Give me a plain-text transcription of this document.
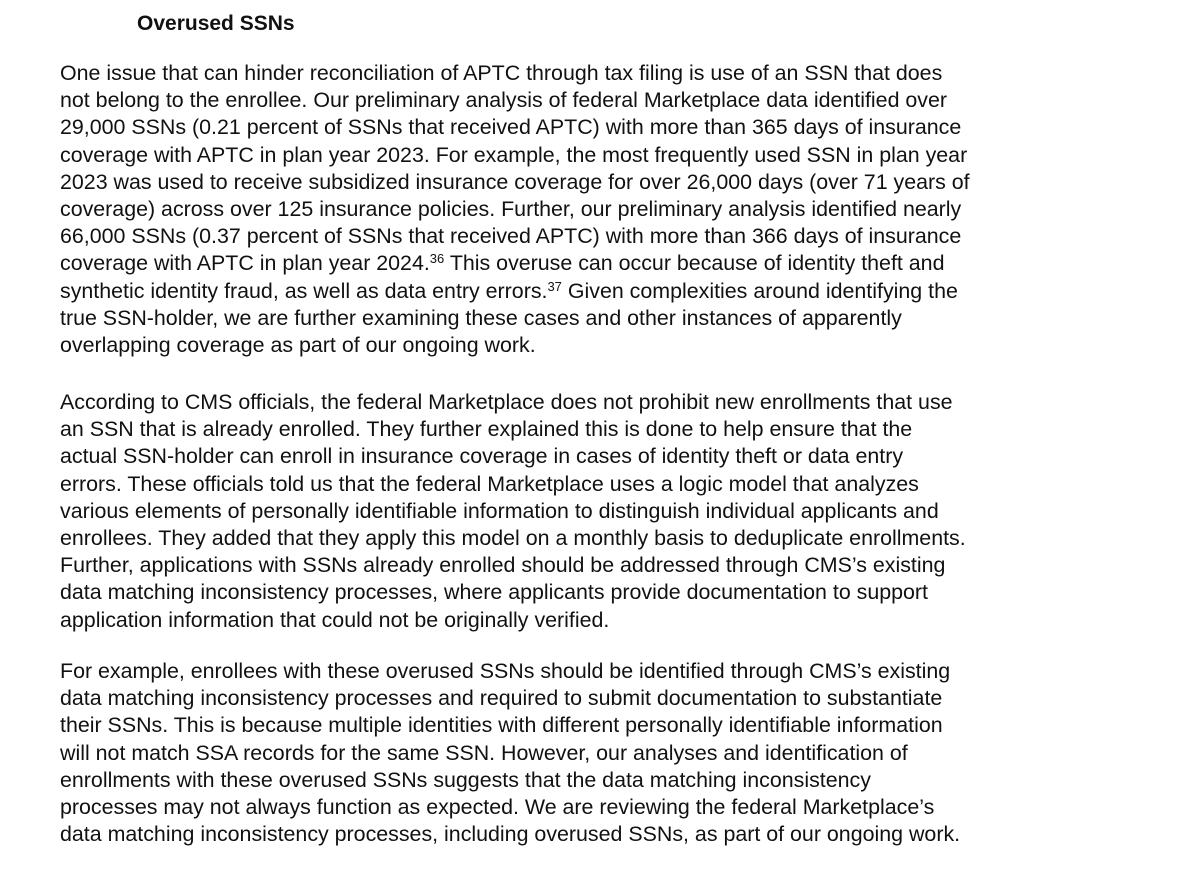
Overused SSNs
One issue that can hinder reconciliation of APTC through tax filing is use of an SSN that does
not belong to the enrollee. Our preliminary analysis of federal Marketplace data identified over
29,000 SSNs (0.21 percent of SSNs that received APTC) with more than 365 days of insurance
coverage with APTC in plan year 2023. For example, the most frequently used SSN in plan year
2023 was used to receive subsidized insurance coverage for over 26,000 days (over 71 years of
coverage) across over 125 insurance policies. Further, our preliminary analysis identified nearly
66,000 SSNs (0.37 percent of SSNs that received APTC) with more than 366 days of insurance
coverage with APTC in plan year 2024.36 This overuse can occur because of identity theft and
synthetic identity fraud, as well as data entry errors.$^{37}$ Given complexities around identifying the
true SSN-holder, we are further examining these cases and other instances of apparently
overlapping coverage as part of our ongoing work.
According to CMS officials, the federal Marketplace does not prohibit new enrollments that use
an SSN that is already enrolled. They further explained this is done to help ensure that the
actual SSN-holder can enroll in insurance coverage in cases of identity theft or data entry
errors. These officials told us that the federal Marketplace uses a logic model that analyzes
various elements of personally identifiable information to distinguish individual applicants and
enrollees. They added that they apply this model on a monthly basis to deduplicate enrollments.
Further, applications with SSNs already enrolled should be addressed through CMS’s existing
data matching inconsistency processes, where applicants provide documentation to support
application information that could not be originally verified.
For example, enrollees with these overused SSNs should be identified through CMS’s existing
data matching inconsistency processes and required to submit documentation to substantiate
their SSNs. This is because multiple identities with different personally identifiable information
will not match SSA records for the same SSN. However, our analyses and identification of
enrollments with these overused SSNs suggests that the data matching inconsistency
processes may not always function as expected. We are reviewing the federal Marketplace’s
data matching inconsistency processes, including overused SSNs, as part of our ongoing work.
